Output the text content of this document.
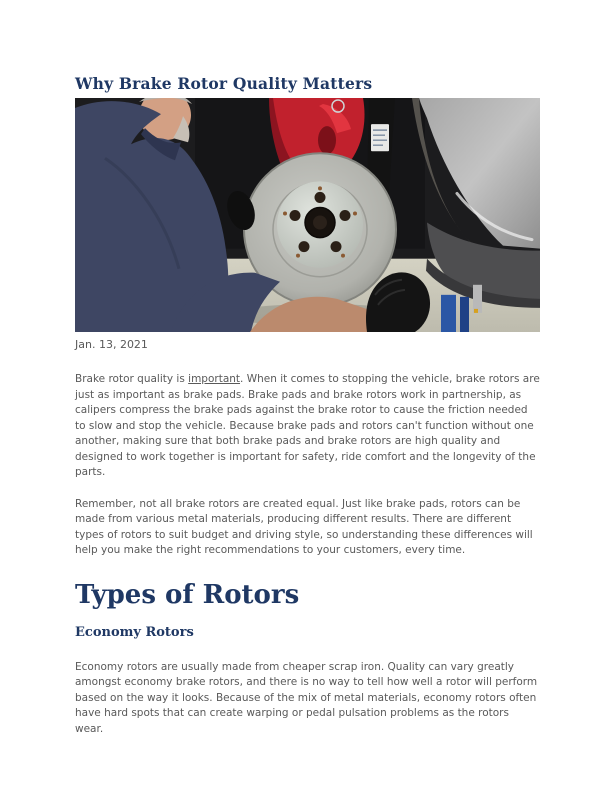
Why Brake Rotor Quality Matters
Jan. 13, 2021

Brake rotor quality is important. When it comes to stopping the vehicle, brake rotors are just as important as brake pads. Brake pads and brake rotors work in partnership, as calipers compress the brake pads against the brake rotor to cause the friction needed to slow and stop the vehicle. Because brake pads and rotors can't function without one another, making sure that both brake pads and brake rotors are high quality and designed to work together is important for safety, ride comfort and the longevity of the parts.

Remember, not all brake rotors are created equal. Just like brake pads, rotors can be made from various metal materials, producing different results. There are different types of rotors to suit budget and driving style, so understanding these differences will help you make the right recommendations to your customers, every time.

Types of Rotors
Economy Rotors

Economy rotors are usually made from cheaper scrap iron. Quality can vary greatly amongst economy brake rotors, and there is no way to tell how well a rotor will perform based on the way it looks. Because of the mix of metal materials, economy rotors often have hard spots that can create warping or pedal pulsation problems as the rotors wear.
